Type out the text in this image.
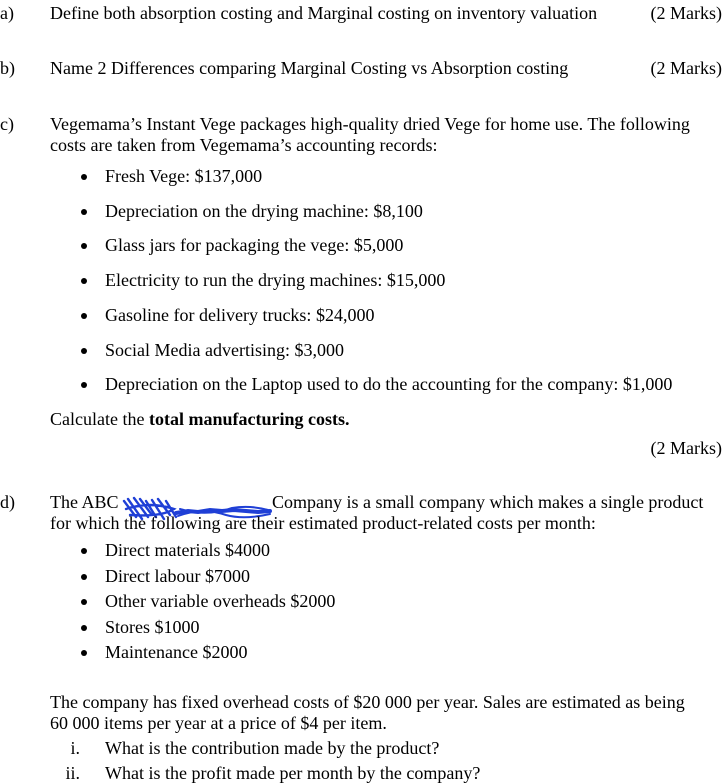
a) Define both absorption costing and Marginal costing on inventory valuation	(2 Marks)
b) Name 2 Differences comparing Marginal Costing vs Absorption costing	(2 Marks)
c) Vegemama’s Instant Vege packages high-quality dried Vege for home use. The following
costs are taken from Vegemama’s accounting records:
Fresh Vege: $137,000
Depreciation on the drying machine: $8,100
Glass jars for packaging the vege: $5,000
Electricity to run the drying machines: $15,000
Gasoline for delivery trucks: $24,000
Social Media advertising: $3,000
Depreciation on the Laptop used to do the accounting for the company: $1,000
Calculate the total manufacturing costs.
(2 Marks)
d) The ABC	Company is a small company which makes a single product
for which the following are their estimated product-related costs per month:
Direct materials $4000
Direct labour $7000
Other variable overheads $2000
Stores $1000
Maintenance $2000
The company has fixed overhead costs of $20 000 per year. Sales are estimated as being
60 000 items per year at a price of $4 per item.
i. What is the contribution made by the product?
ii. What is the profit made per month by the company?
